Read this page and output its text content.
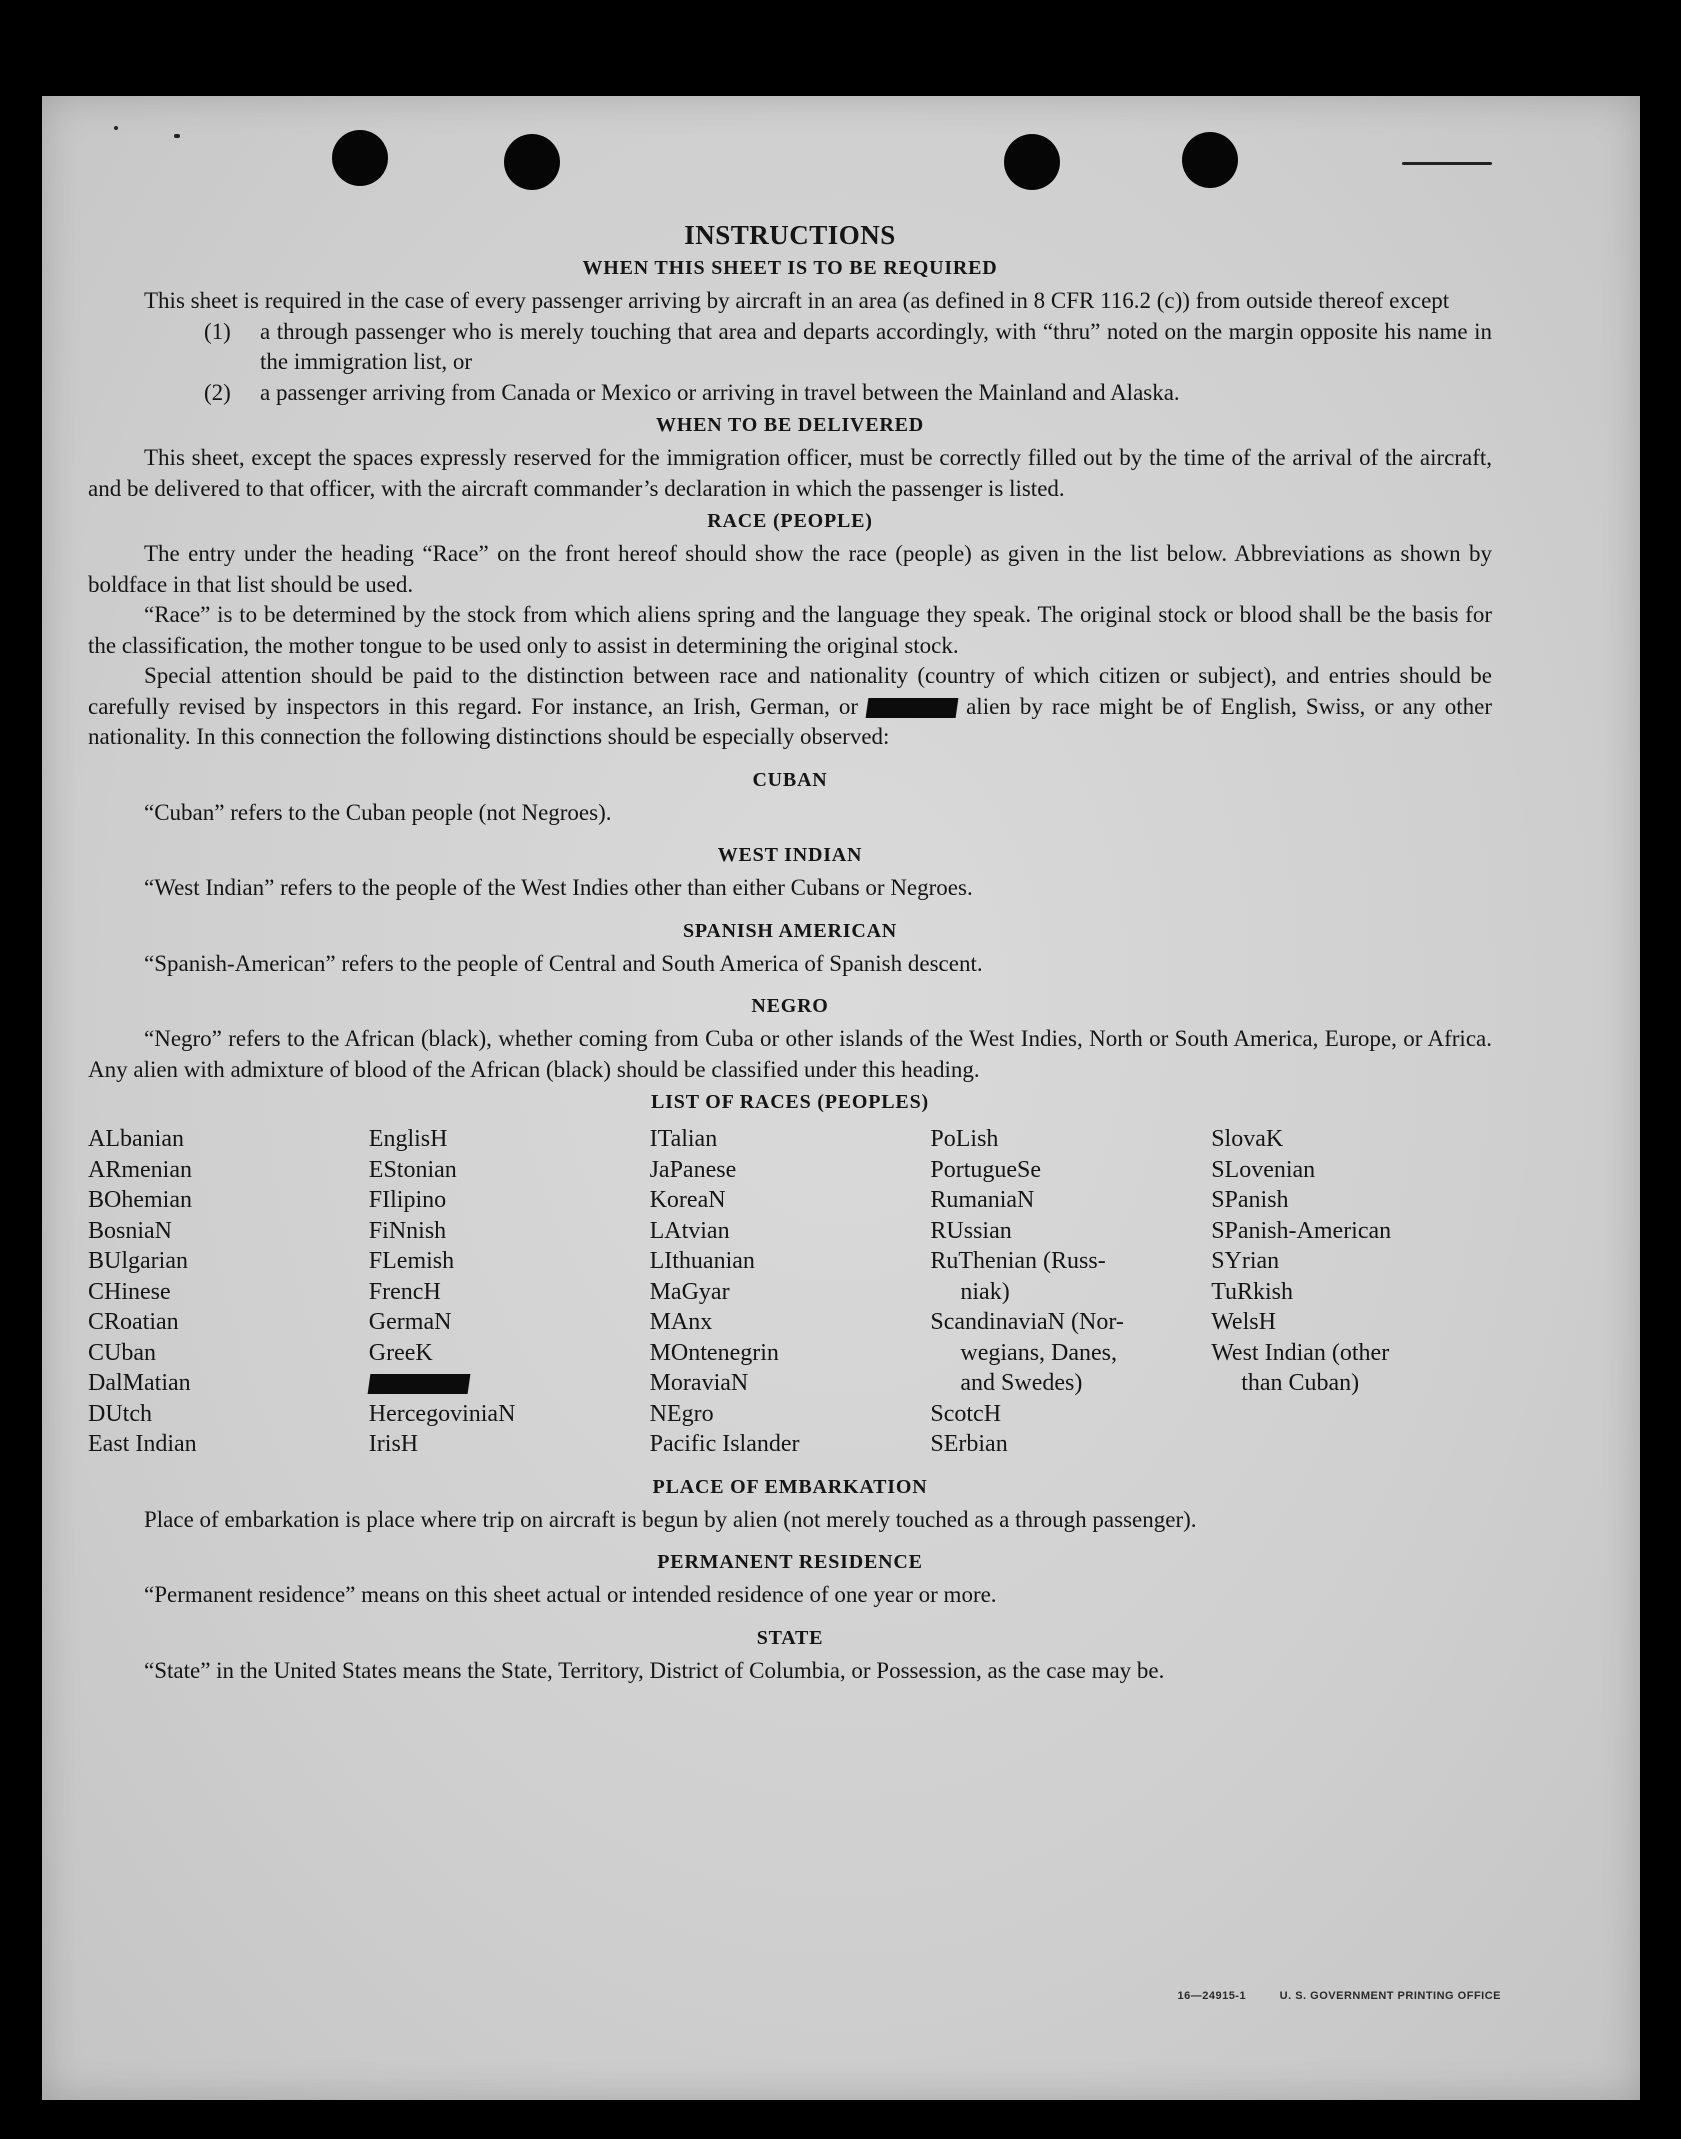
INSTRUCTIONS

WHEN THIS SHEET IS TO BE REQUIRED

This sheet is required in the case of every passenger arriving by aircraft in an area (as defined in 8 CFR 116.2 (c)) from outside thereof except

(1)	a through passenger who is merely touching that area and departs accordingly, with “thru” noted on the margin opposite his name in the immigration list, or
(2)	a passenger arriving from Canada or Mexico or arriving in travel between the Mainland and Alaska.

WHEN TO BE DELIVERED

This sheet, except the spaces expressly reserved for the immigration officer, must be correctly filled out by the time of the arrival of the aircraft, and be delivered to that officer, with the aircraft commander’s declaration in which the passenger is listed.

RACE (PEOPLE)

The entry under the heading “Race” on the front hereof should show the race (people) as given in the list below. Abbreviations as shown by boldface in that list should be used.

“Race” is to be determined by the stock from which aliens spring and the language they speak. The original stock or blood shall be the basis for the classification, the mother tongue to be used only to assist in determining the original stock.

Special attention should be paid to the distinction between race and nationality (country of which citizen or subject), and entries should be carefully revised by inspectors in this regard. For instance, an Irish, German, or	alien by race might be of English, Swiss, or any other nationality. In this connection the following distinctions should be especially observed:

CUBAN

“Cuban” refers to the Cuban people (not Negroes).

WEST INDIAN

“West Indian” refers to the people of the West Indies other than either Cubans or Negroes.

SPANISH AMERICAN

“Spanish-American” refers to the people of Central and South America of Spanish descent.

NEGRO

“Negro” refers to the African (black), whether coming from Cuba or other islands of the West Indies, North or South America, Europe, or Africa. Any alien with admixture of blood of the African (black) should be classified under this heading.

LIST OF RACES (PEOPLES)

ALbanian
ARmenian
BOhemian
BosniaN
BUlgarian
CHinese
CRoatian
CUban
DalMatian
DUtch
East Indian
EnglisH
EStonian
FIlipino
FiNnish
FLemish
FrencH
GermaN
GreeK
HercegoviniaN
IrisH
ITalian
JaPanese
KoreaN
LAtvian
LIthuanian
MaGyar
MAnx
MOntenegrin
MoraviaN
NEgro
Pacific Islander
PoLish
PortugueSe
RumaniaN
RUssian
RuThenian (Russ-
niak)
ScandinaviaN (Nor-
wegians, Danes,
and Swedes)
ScotcH
SErbian
SlovaK
SLovenian
SPanish
SPanish-American
SYrian
TuRkish
WelsH
West Indian (other
than Cuban)

PLACE OF EMBARKATION

Place of embarkation is place where trip on aircraft is begun by alien (not merely touched as a through passenger).

PERMANENT RESIDENCE

“Permanent residence” means on this sheet actual or intended residence of one year or more.

STATE

“State” in the United States means the State, Territory, District of Columbia, or Possession, as the case may be.

16—24915-1	U. S. GOVERNMENT PRINTING OFFICE
